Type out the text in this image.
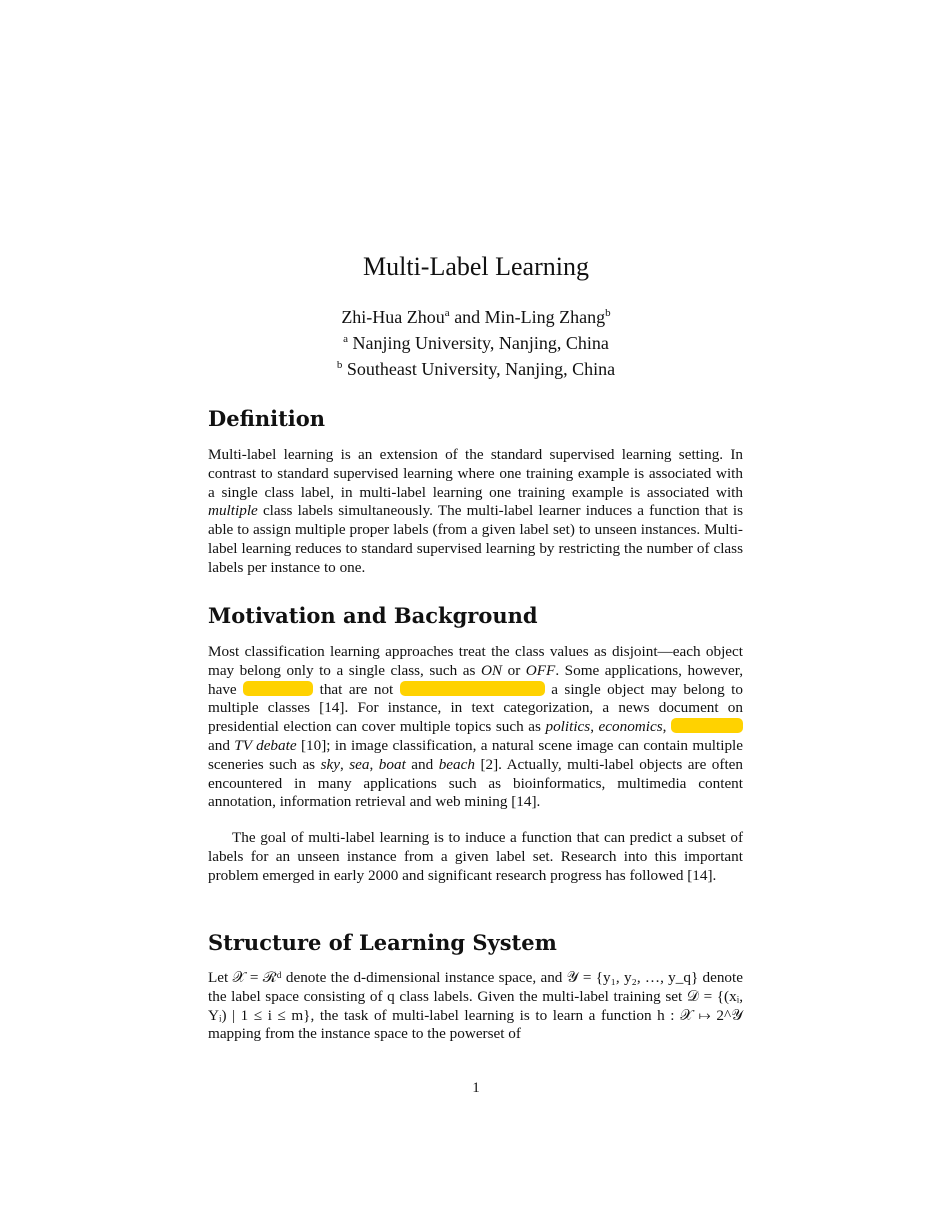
Multi-Label Learning
Zhi-Hua Zhou$^a$ and Min-Ling Zhang$^b$
$^a$ Nanjing University, Nanjing, China
$^b$ Southeast University, Nanjing, China
Definition

Multi-label learning is an extension of the standard supervised learning setting. In contrast to standard supervised learning where one training example is associated with a single class label, in multi-label learning one training example is associated with multiple class labels simultaneously. The multi-label learner induces a function that is able to assign multiple proper labels (from a given label set) to unseen instances. Multi-label learning reduces to standard supervised learning by restricting the number of class labels per instance to one.

Motivation and Background

Most classification learning approaches treat the class values as disjoint—each object may belong only to a single class, such as ON or OFF. Some applications, however, have	that are not	a single object may belong to multiple classes [14]. For instance, in text categorization, a news document on presidential election can cover multiple topics such as politics, economics,  and TV debate [10]; in image classification, a natural scene image can contain multiple sceneries such as sky, sea, boat and beach [2]. Actually, multi-label objects are often encountered in many applications such as bioinformatics, multimedia content annotation, information retrieval and web mining [14].

The goal of multi-label learning is to induce a function that can predict a subset of labels for an unseen instance from a given label set. Research into this important problem emerged in early 2000 and significant research progress has followed [14].

Structure of Learning System

Let 𝒳 = ℛᵈ denote the d-dimensional instance space, and 𝒴 = {y₁, y₂, …, y_q} denote the label space consisting of q class labels. Given the multi-label training set 𝒟 = {(xᵢ, Yᵢ) | 1 ≤ i ≤ m}, the task of multi-label learning is to learn a function h : 𝒳 ↦ 2^𝒴 mapping from the instance space to the powerset of

1
